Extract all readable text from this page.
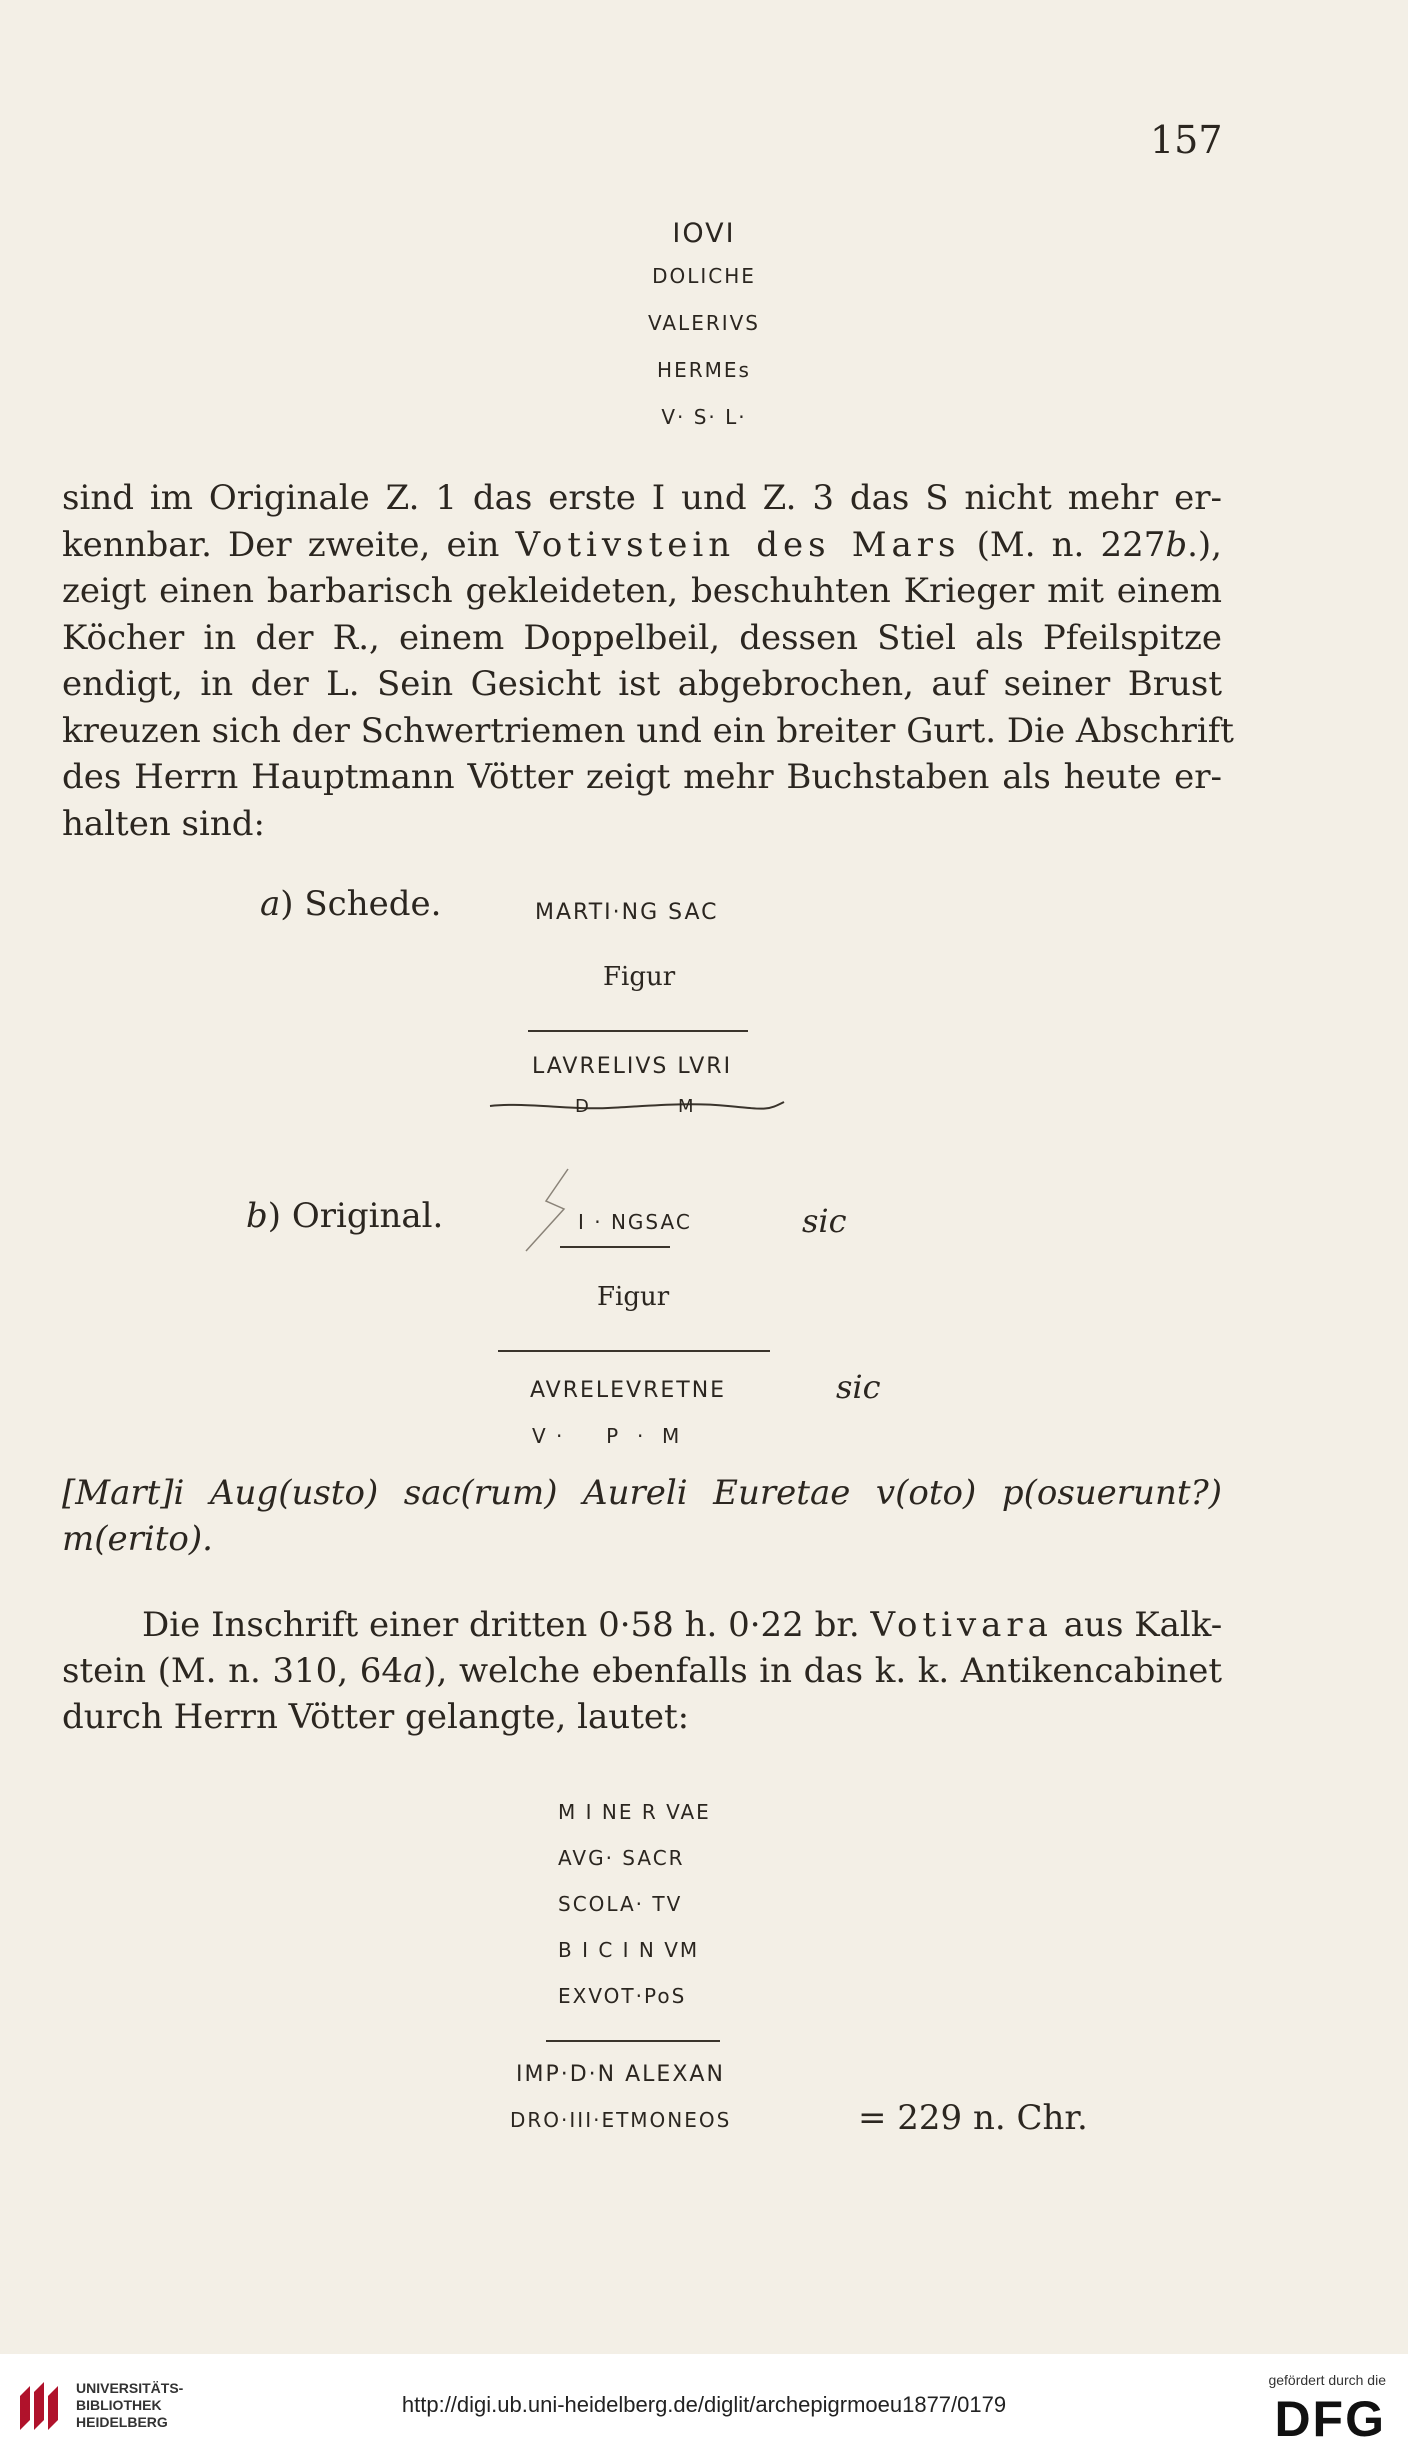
157
IOVI
DOLICHE
VALERIVS
HERMEs
V· S· L·
sind im Originale Z. 1 das erste I und Z. 3 das S nicht mehr er-
kennbar. Der zweite, ein Votivstein des Mars (M. n. 227b.),
zeigt einen barbarisch gekleideten, beschuhten Krieger mit einem
Köcher in der R., einem Doppelbeil, dessen Stiel als Pfeilspitze
endigt, in der L. Sein Gesicht ist abgebrochen, auf seiner Brust
kreuzen sich der Schwertriemen und ein breiter Gurt. Die Abschrift
des Herrn Hauptmann Vötter zeigt mehr Buchstaben als heute er-
halten sind:
a) Schede.	MARTI·NG SAC
Figur
LAVRELIVS LVRI
D	M
b) Original.	I · NGSAC	sic
Figur
AVRELEVRETNE	sic
V ·     P  ·  M
[Mart]i Aug(usto) sac(rum) Aureli Euretae v(oto) p(osuerunt?)
m(erito).
Die Inschrift einer dritten 0·58 h. 0·22 br. Votivara aus Kalk-
stein (M. n. 310, 64a), welche ebenfalls in das k. k. Antikencabinet
durch Herrn Vötter gelangte, lautet:
M I NE R VAE
AVG· SACR
SCOLA· TV
B I C I N VM
EXVOT·PoS
IMP·D·N ALEXAN
DRO·III·ETMONEOS	= 229 n. Chr.
UNIVERSITÄTS-
BIBLIOTHEK
HEIDELBERG
http://digi.ub.uni-heidelberg.de/diglit/archepigrmoeu1877/0179
gefördert durch die
DFG
